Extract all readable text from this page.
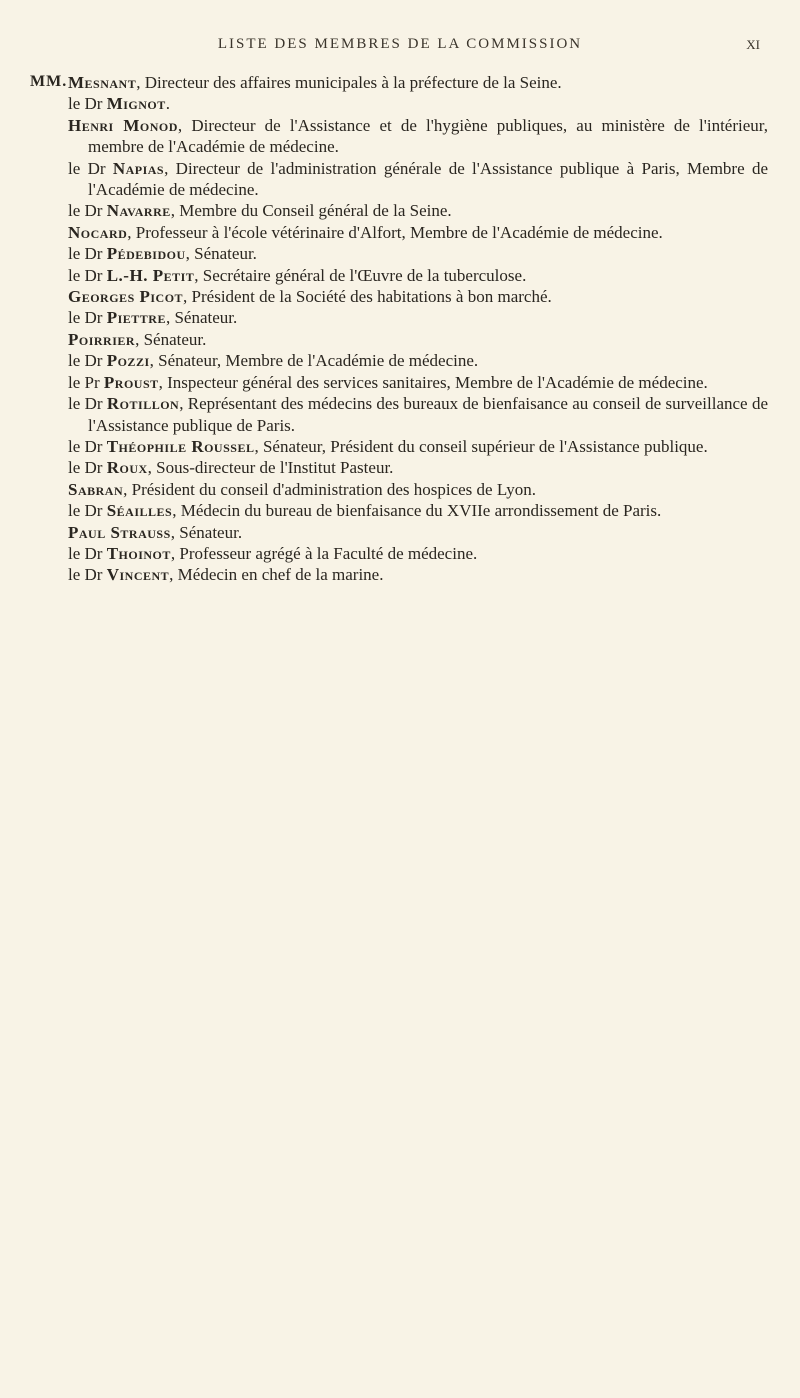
LISTE DES MEMBRES DE LA COMMISSION	XI
MM. Mesnant, Directeur des affaires municipales à la préfecture de la Seine.
le Dr Mignot.
Henri Monod, Directeur de l'Assistance et de l'hygiène publiques, au ministère de l'intérieur, membre de l'Académie de médecine.
le Dr Napias, Directeur de l'administration générale de l'Assistance publique à Paris, Membre de l'Académie de médecine.
le Dr Navarre, Membre du Conseil général de la Seine.
Nocard, Professeur à l'école vétérinaire d'Alfort, Membre de l'Académie de médecine.
le Dr Pédebidou, Sénateur.
le Dr L.-H. Petit, Secrétaire général de l'Œuvre de la tuberculose.
Georges Picot, Président de la Société des habitations à bon marché.
le Dr Piettre, Sénateur.
Poirrier, Sénateur.
le Dr Pozzi, Sénateur, Membre de l'Académie de médecine.
le Pr Proust, Inspecteur général des services sanitaires, Membre de l'Académie de médecine.
le Dr Rotillon, Représentant des médecins des bureaux de bienfaisance au conseil de surveillance de l'Assistance publique de Paris.
le Dr Théophile Roussel, Sénateur, Président du conseil supérieur de l'Assistance publique.
le Dr Roux, Sous-directeur de l'Institut Pasteur.
Sabran, Président du conseil d'administration des hospices de Lyon.
le Dr Séailles, Médecin du bureau de bienfaisance du XVIIe arrondissement de Paris.
Paul Strauss, Sénateur.
le Dr Thoinot, Professeur agrégé à la Faculté de médecine.
le Dr Vincent, Médecin en chef de la marine.
